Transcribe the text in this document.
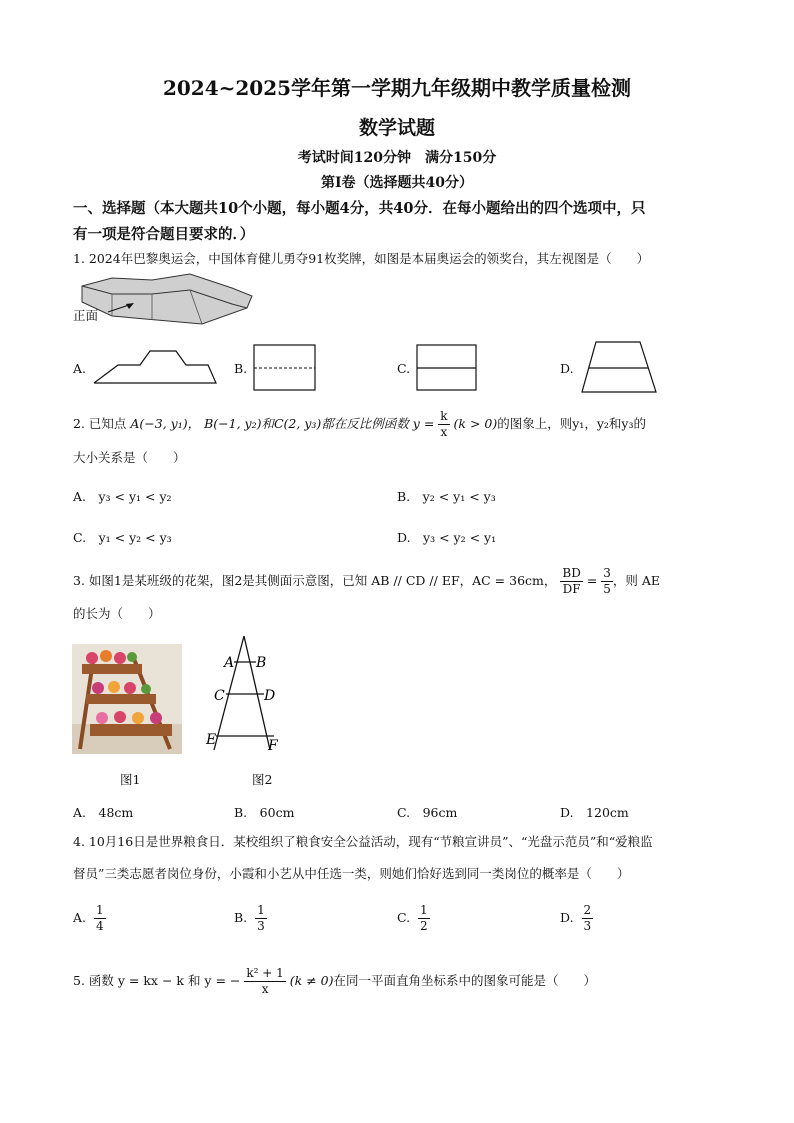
2024~2025学年第一学期九年级期中教学质量检测
数学试题
考试时间120分钟　满分150分
第Ⅰ卷（选择题共40分）
一、选择题（本大题共10个小题，每小题4分，共40分．在每小题给出的四个选项中，只
有一项是符合题目要求的．）
1. 2024年巴黎奥运会，中国体育健儿勇夺91枚奖牌，如图是本届奥运会的领奖台，其左视图是（　　）
正面
A.	B.	C.	D.
2. 已知点 A(−3, y₁)， B(−1, y₂)和C(2, y₃)都在反比例函数 $y = \frac{k}{x} (k > 0)$的图象上，则y₁，y₂和y₃的
大小关系是（　　）
A.　y₃ < y₁ < y₂	B.　y₂ < y₁ < y₃
C.　y₁ < y₂ < y₃	D.　y₃ < y₂ < y₁
3. 如图1是某班级的花架，图2是其侧面示意图，已知 AB // CD // EF，AC = 36cm， $\frac{BD}{DF} = \frac{3}{5}$ ，则 AE
的长为（　　）
图1
A B
C	D
E	F
图2
A.　48cm	B.　60cm	C.　96cm	D.　120cm
4. 10月16日是世界粮食日．某校组织了粮食安全公益活动，现有“节粮宣讲员”、“光盘示范员”和“爱粮监
督员”三类志愿者岗位身份，小霞和小艺从中任选一类，则她们恰好选到同一类岗位的概率是（　　）
A. $\frac{1}{4}$	B. $\frac{1}{3}$	C. $\frac{1}{2}$	D. $\frac{2}{3}$
5. 函数 y = kx − k 和 y = − $\frac{\text{k² + 1}}{x} (k \ne 0)$在同一平面直角坐标系中的图象可能是（　　）
